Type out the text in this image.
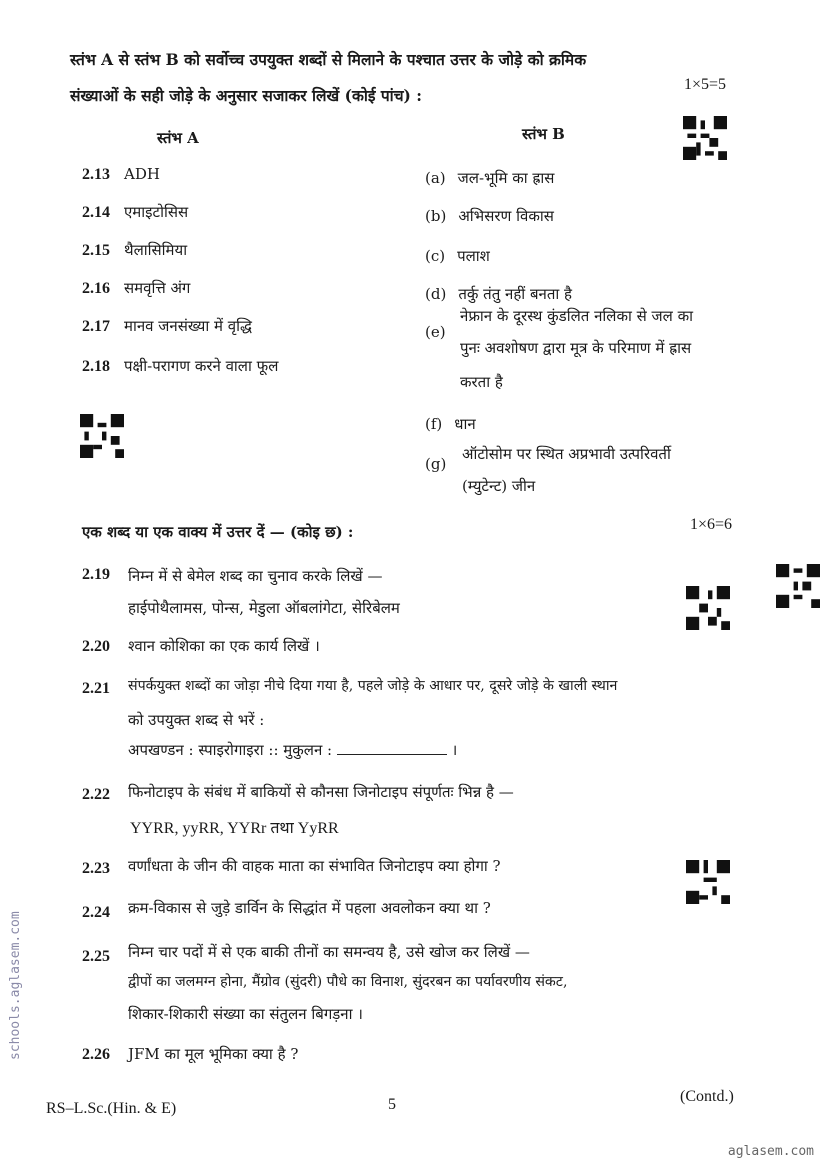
स्तंभ A से स्तंभ B को सर्वोच्च उपयुक्त शब्दों से मिलाने के पश्चात उत्तर के जोड़े को क्रमिक
संख्याओं के सही जोड़े के अनुसार सजाकर लिखें (कोई पांच) :
1×5=5
स्तंभ A	स्तंभ B
2.13 ADH
2.14 एमाइटोसिस
2.15 थैलासिमिया
2.16 समवृत्ति अंग
2.17 मानव जनसंख्या में वृद्धि
2.18 पक्षी-परागण करने वाला फूल
(a) जल-भूमि का ह्रास
(b) अभिसरण विकास
(c) पलाश
(d) तर्कु तंतु नहीं बनता है
(e)
नेफ्रान के दूरस्थ कुंडलित नलिका से जल का
पुनः अवशोषण द्वारा मूत्र के परिमाण में ह्रास
करता है
(f) धान
(g)
ऑटोसोम पर स्थित अप्रभावी उत्परिवर्ती
(म्युटेन्ट) जीन
एक शब्द या एक वाक्य में उत्तर दें — (कोइ छ) :	1×6=6
2.19 निम्न में से बेमेल शब्द का चुनाव करके लिखें —
हाईपोथैलामस, पोन्स, मेडुला ऑबलांगेटा, सेरिबेलम
2.20 श्वान कोशिका का एक कार्य लिखें ।
2.21 संपर्कयुक्त शब्दों का जोड़ा नीचे दिया गया है, पहले जोड़े के आधार पर, दूसरे जोड़े के खाली स्थान
को उपयुक्त शब्द से भरें :
अपखण्डन : स्पाइरोगाइरा :: मुकुलन :	।
2.22 फिनोटाइप के संबंध में बाकियों से कौनसा जिनोटाइप संपूर्णतः भिन्न है —
YYRR, yyRR, YYRr तथा YyRR
2.23 वर्णांधता के जीन की वाहक माता का संभावित जिनोटाइप क्या होगा ?
2.24 क्रम-विकास से जुड़े डार्विन के सिद्धांत में पहला अवलोकन क्या था ?
2.25 निम्न चार पदों में से एक बाकी तीनों का समन्वय है, उसे खोज कर लिखें —
द्वीपों का जलमग्न होना, मैंग्रोव (सुंदरी) पौधे का विनाश, सुंदरबन का पर्यावरणीय संकट,
शिकार-शिकारी संख्या का संतुलन बिगड़ना ।
2.26 JFM का मूल भूमिका क्या है ?
RS–L.Sc.(Hin. & E)	5	(Contd.)
schools.aglasem.com
aglasem.com
